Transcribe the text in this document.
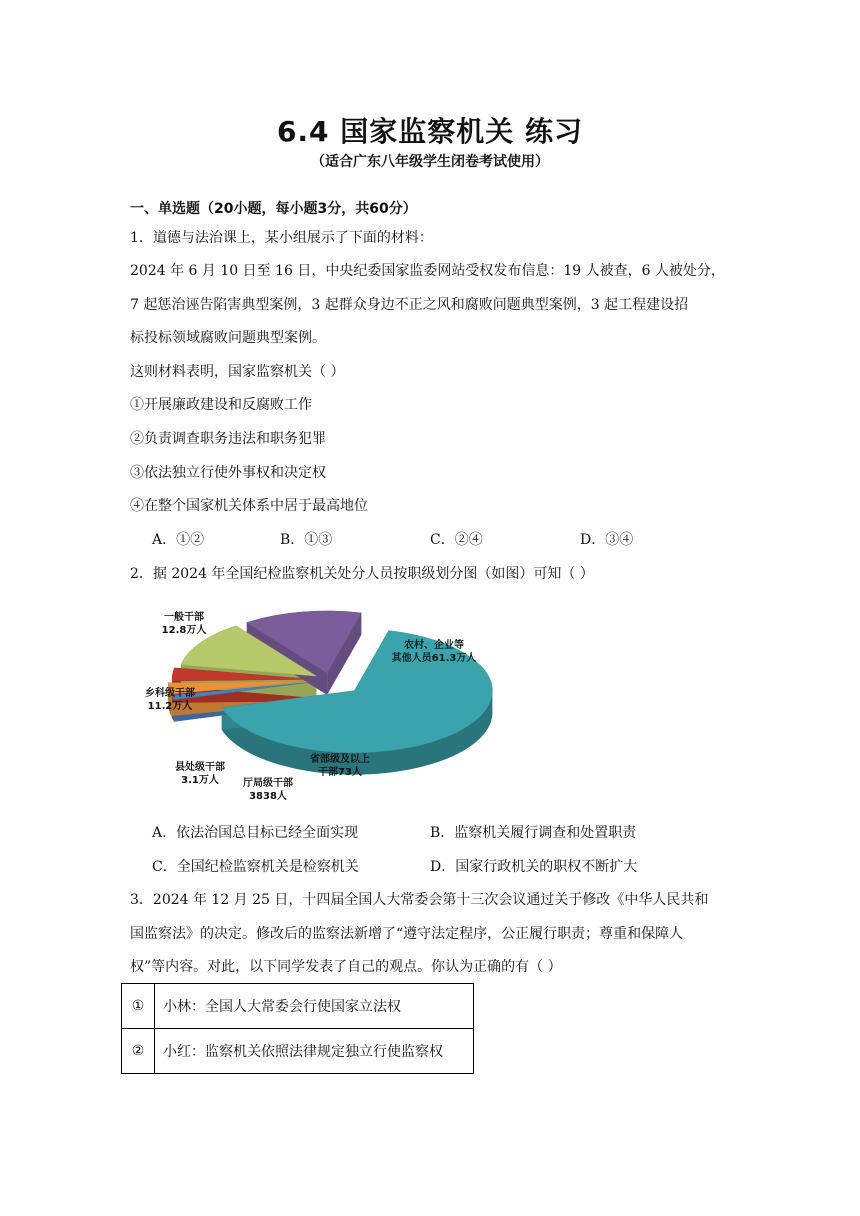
6.4 国家监察机关 练习
（适合广东八年级学生闭卷考试使用）
一、单选题（20小题，每小题3分，共60分）
1．道德与法治课上，某小组展示了下面的材料：
2024 年 6 月 10 日至 16 日，中央纪委国家监委网站受权发布信息：19 人被查，6 人被处分，
7 起惩治诬告陷害典型案例，3 起群众身边不正之风和腐败问题典型案例，3 起工程建设招
标投标领域腐败问题典型案例。
这则材料表明，国家监察机关（ ）
①开展廉政建设和反腐败工作
②负责调查职务违法和职务犯罪
③依法独立行使外事权和决定权
④在整个国家机关体系中居于最高地位
A．①②	B．①③	C．②④	D．③④
2．据 2024 年全国纪检监察机关处分人员按职级划分图（如图）可知（ ）
农村、企业等
其他人员61.3万人
省部级及以上
干部73人
厅局级干部
3838人
县处级干部
3.1万人
乡科级干部
11.2万人
一般干部
12.8万人
A．依法治国总目标已经全面实现	B．监察机关履行调查和处置职责
C．全国纪检监察机关是检察机关	D．国家行政机关的职权不断扩大
3．2024 年 12 月 25 日，十四届全国人大常委会第十三次会议通过关于修改《中华人民共和
国监察法》的决定。修改后的监察法新增了“遵守法定程序，公正履行职责；尊重和保障人
权”等内容。对此，以下同学发表了自己的观点。你认为正确的有（ ）
①	小林：全国人大常委会行使国家立法权
②	小红：监察机关依照法律规定独立行使监察权
